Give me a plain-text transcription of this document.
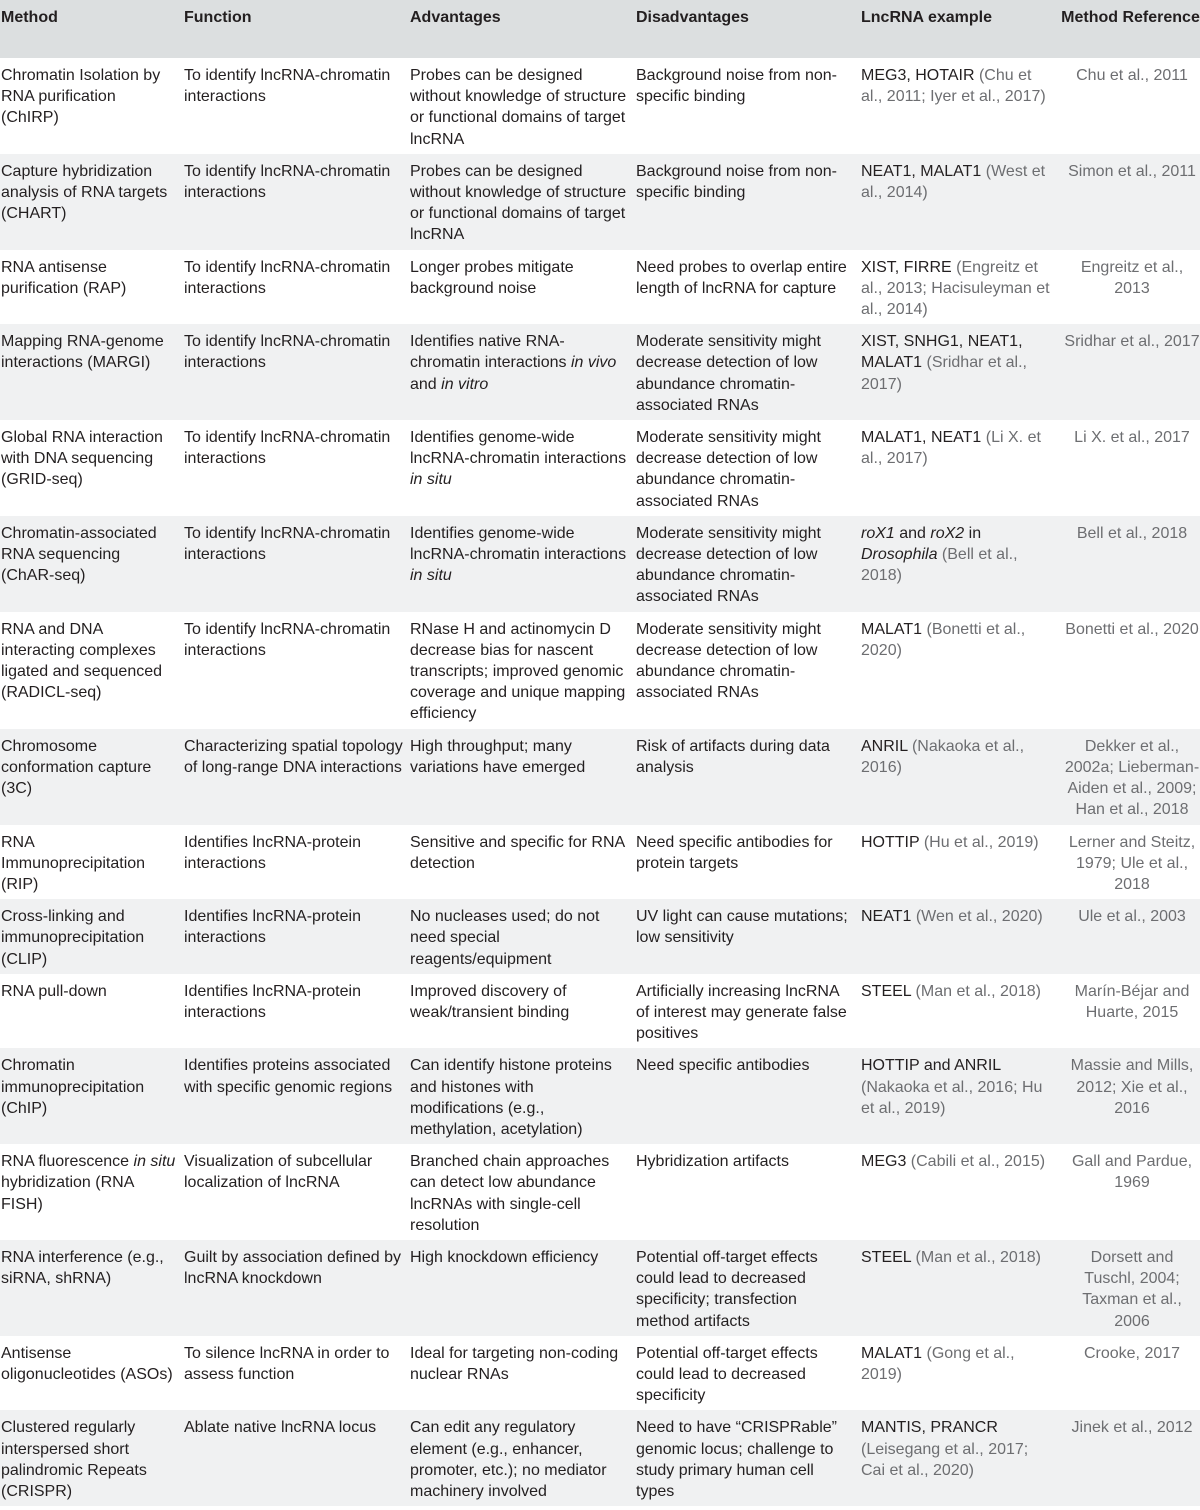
Method	Function	Advantages	Disadvantages	LncRNA example	Method Reference
Chromatin Isolation by RNA purification (ChIRP)	To identify lncRNA-chromatin interactions	Probes can be designed without knowledge of structure or functional domains of target lncRNA	Background noise from non-specific binding	MEG3, HOTAIR (Chu et al., 2011; Iyer et al., 2017)	Chu et al., 2011
Capture hybridization analysis of RNA targets (CHART)	To identify lncRNA-chromatin interactions	Probes can be designed without knowledge of structure or functional domains of target lncRNA	Background noise from non-specific binding	NEAT1, MALAT1 (West et al., 2014)	Simon et al., 2011
RNA antisense purification (RAP)	To identify lncRNA-chromatin interactions	Longer probes mitigate background noise	Need probes to overlap entire length of lncRNA for capture	XIST, FIRRE (Engreitz et al., 2013; Hacisuleyman et al., 2014)	Engreitz et al., 2013
Mapping RNA-genome interactions (MARGI)	To identify lncRNA-chromatin interactions	Identifies native RNA-chromatin interactions in vivo and in vitro	Moderate sensitivity might decrease detection of low abundance chromatin-associated RNAs	XIST, SNHG1, NEAT1, MALAT1 (Sridhar et al., 2017)	Sridhar et al., 2017
Global RNA interaction with DNA sequencing (GRID-seq)	To identify lncRNA-chromatin interactions	Identifies genome-wide lncRNA-chromatin interactions in situ	Moderate sensitivity might decrease detection of low abundance chromatin-associated RNAs	MALAT1, NEAT1 (Li X. et al., 2017)	Li X. et al., 2017
Chromatin-associated RNA sequencing (ChAR-seq)	To identify lncRNA-chromatin interactions	Identifies genome-wide lncRNA-chromatin interactions in situ	Moderate sensitivity might decrease detection of low abundance chromatin-associated RNAs	roX1 and roX2 in Drosophila (Bell et al., 2018)	Bell et al., 2018
RNA and DNA interacting complexes ligated and sequenced (RADICL-seq)	To identify lncRNA-chromatin interactions	RNase H and actinomycin D decrease bias for nascent transcripts; improved genomic coverage and unique mapping efficiency	Moderate sensitivity might decrease detection of low abundance chromatin-associated RNAs	MALAT1 (Bonetti et al., 2020)	Bonetti et al., 2020
Chromosome conformation capture (3C)	Characterizing spatial topology of long-range DNA interactions	High throughput; many variations have emerged	Risk of artifacts during data analysis	ANRIL (Nakaoka et al., 2016)	Dekker et al., 2002a; Lieberman-Aiden et al., 2009; Han et al., 2018
RNA Immunoprecipitation (RIP)	Identifies lncRNA-protein interactions	Sensitive and specific for RNA detection	Need specific antibodies for protein targets	HOTTIP (Hu et al., 2019)	Lerner and Steitz, 1979; Ule et al., 2018
Cross-linking and immunoprecipitation (CLIP)	Identifies lncRNA-protein interactions	No nucleases used; do not need special reagents/equipment	UV light can cause mutations; low sensitivity	NEAT1 (Wen et al., 2020)	Ule et al., 2003
RNA pull-down	Identifies lncRNA-protein interactions	Improved discovery of weak/transient binding	Artificially increasing lncRNA of interest may generate false positives	STEEL (Man et al., 2018)	Marín-Béjar and Huarte, 2015
Chromatin immunoprecipitation (ChIP)	Identifies proteins associated with specific genomic regions	Can identify histone proteins and histones with modifications (e.g., methylation, acetylation)	Need specific antibodies	HOTTIP and ANRIL (Nakaoka et al., 2016; Hu et al., 2019)	Massie and Mills, 2012; Xie et al., 2016
RNA fluorescence in situ hybridization (RNA FISH)	Visualization of subcellular localization of lncRNA	Branched chain approaches can detect low abundance lncRNAs with single-cell resolution	Hybridization artifacts	MEG3 (Cabili et al., 2015)	Gall and Pardue, 1969
RNA interference (e.g., siRNA, shRNA)	Guilt by association defined by lncRNA knockdown	High knockdown efficiency	Potential off-target effects could lead to decreased specificity; transfection method artifacts	STEEL (Man et al., 2018)	Dorsett and Tuschl, 2004; Taxman et al., 2006
Antisense oligonucleotides (ASOs)	To silence lncRNA in order to assess function	Ideal for targeting non-coding nuclear RNAs	Potential off-target effects could lead to decreased specificity	MALAT1 (Gong et al., 2019)	Crooke, 2017
Clustered regularly interspersed short palindromic Repeats (CRISPR)	Ablate native lncRNA locus	Can edit any regulatory element (e.g., enhancer, promoter, etc.); no mediator machinery involved	Need to have “CRISPRable” genomic locus; challenge to study primary human cell types	MANTIS, PRANCR (Leisegang et al., 2017; Cai et al., 2020)	Jinek et al., 2012
